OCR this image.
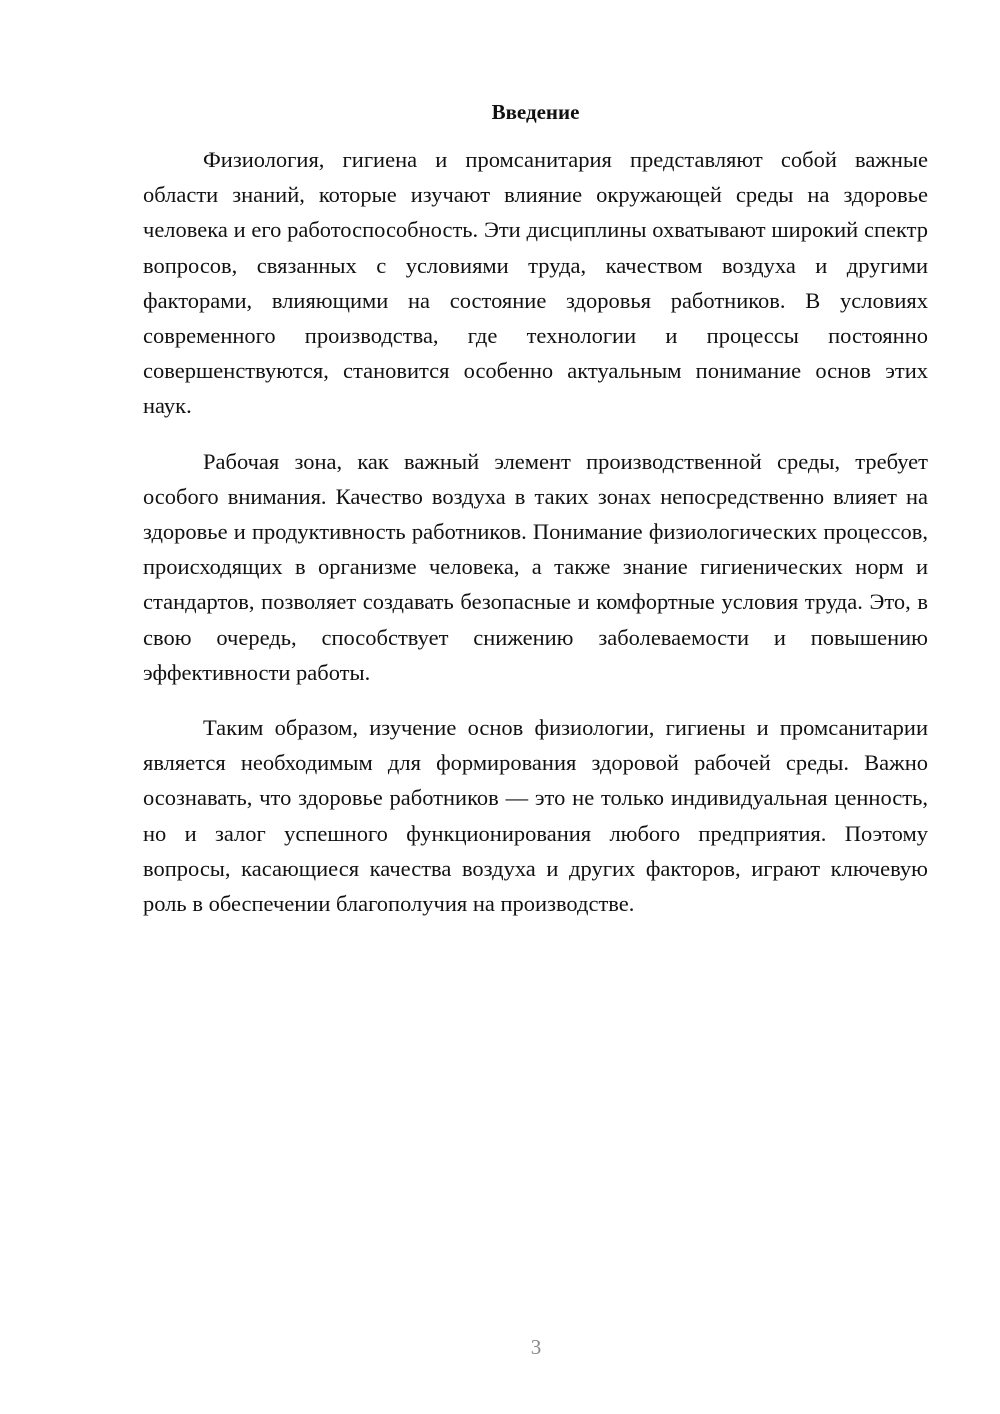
Введение

Физиология, гигиена и промсанитария представляют собой важные области знаний, которые изучают влияние окружающей среды на здоровье человека и его работоспособность. Эти дисциплины охватывают широкий спектр вопросов, связанных с условиями труда, качеством воздуха и другими факторами, влияющими на состояние здоровья работников. В условиях современного производства, где технологии и процессы постоянно совершенствуются, становится особенно актуальным понимание основ этих наук.

Рабочая зона, как важный элемент производственной среды, требует особого внимания. Качество воздуха в таких зонах непосредственно влияет на здоровье и продуктивность работников. Понимание физиологических процессов, происходящих в организме человека, а также знание гигиенических норм и стандартов, позволяет создавать безопасные и комфортные условия труда. Это, в свою очередь, способствует снижению заболеваемости и повышению эффективности работы.

Таким образом, изучение основ физиологии, гигиены и промсанитарии является необходимым для формирования здоровой рабочей среды. Важно осознавать, что здоровье работников — это не только индивидуальная ценность, но и залог успешного функционирования любого предприятия. Поэтому вопросы, касающиеся качества воздуха и других факторов, играют ключевую роль в обеспечении благополучия на производстве.

3
